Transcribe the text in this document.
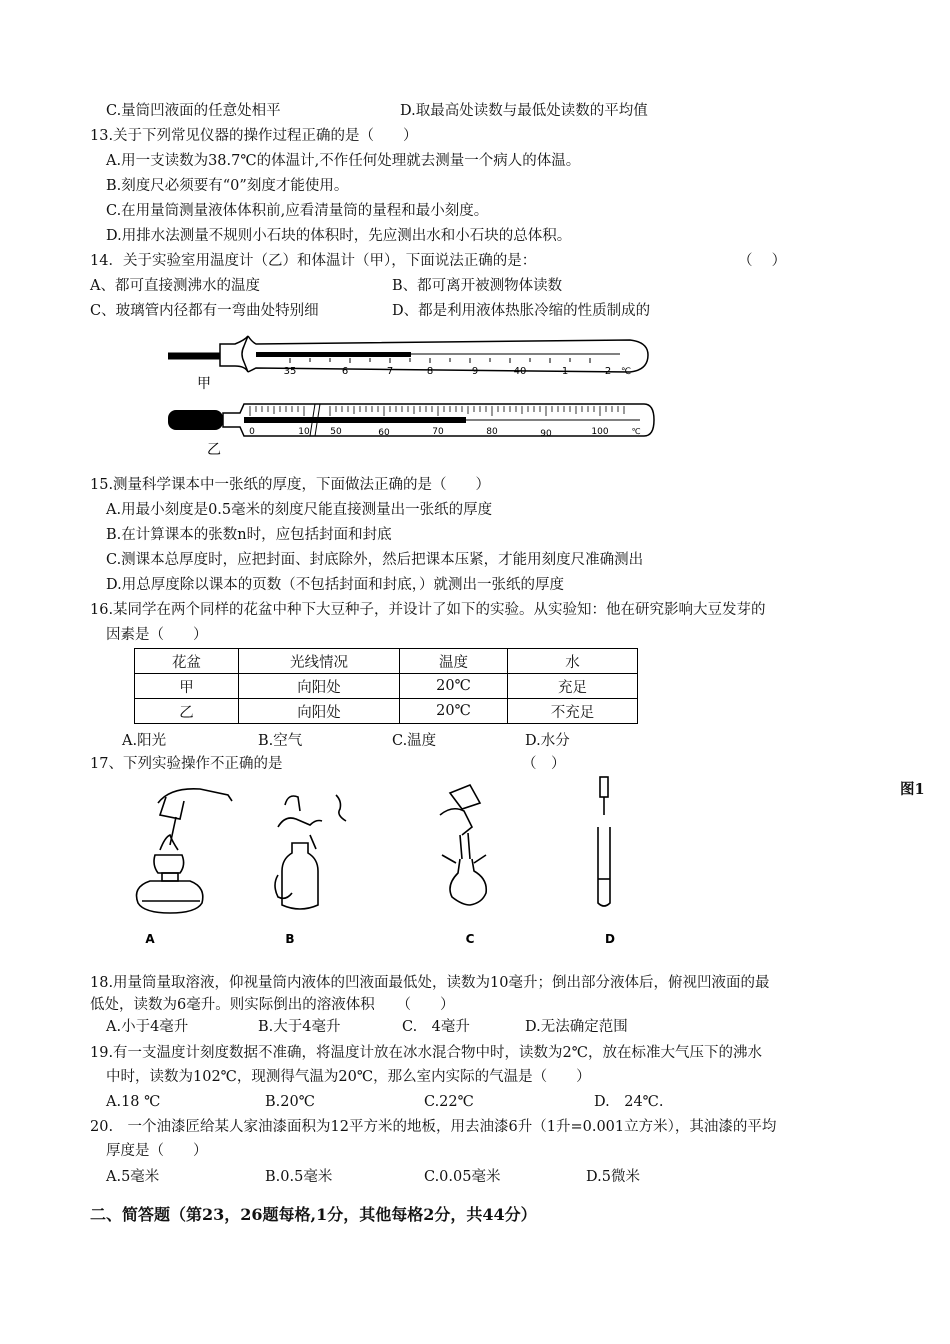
C.量筒凹液面的任意处相平	D.取最高处读数与最低处读数的平均值
13.关于下列常见仪器的操作过程正确的是（　　）
A.用一支读数为38.7℃的体温计,不作任何处理就去测量一个病人的体温。
B.刻度尺必须要有“0”刻度才能使用。
C.在用量筒测量液体体积前,应看清量筒的量程和最小刻度。
D.用排水法测量不规则小石块的体积时，先应测出水和小石块的总体积。
14．关于实验室用温度计（乙）和体温计（甲），下面说法正确的是：	（　 ）
A、都可直接测沸水的温度	B、都可离开被测物体读数
C、玻璃管内径都有一弯曲处特别细	D、都是利用液体热胀冷缩的性质制成的
35	6	7	8	9	40	1	2 ℃
甲
0	10 50	60	70	80	90	100	℃
乙
15.测量科学课本中一张纸的厚度，下面做法正确的是（　　）
A.用最小刻度是0.5毫米的刻度尺能直接测量出一张纸的厚度
B.在计算课本的张数n时，应包括封面和封底
C.测课本总厚度时，应把封面、封底除外，然后把课本压紧，才能用刻度尺准确测出
D.用总厚度除以课本的页数（不包括封面和封底，）就测出一张纸的厚度
16.某同学在两个同样的花盆中种下大豆种子，并设计了如下的实验。从实验知：他在研究影响大豆发芽的
因素是（　　）
花盆	光线情况	温度	水
甲	向阳处	20℃	充足
乙	向阳处	20℃	不充足
A.阳光	B.空气	C.温度	D.水分
17、下列实验操作不正确的是	（　）
图1
A	B	C	D
18.用量筒量取溶液，仰视量筒内液体的凹液面最低处，读数为10毫升；倒出部分液体后，俯视凹液面的最
低处，读数为6毫升。则实际倒出的溶液体积　　（　　）
A.小于4毫升	B.大于4毫升	C.　4毫升	D.无法确定范围
19.有一支温度计刻度数据不准确，将温度计放在冰水混合物中时，读数为2℃，放在标准大气压下的沸水
中时，读数为102℃，现测得气温为20℃，那么室内实际的气温是（　　）
A.18 ℃	B.20℃	C.22℃	D.　24℃.
20.　一个油漆匠给某人家油漆面积为12平方米的地板，用去油漆6升（1升=0.001立方米），其油漆的平均
厚度是（　　）
A.5毫米	B.0.5毫米	C.0.05毫米	D.5微米
二、简答题（第23，26题每格,1分，其他每格2分，共44分）
